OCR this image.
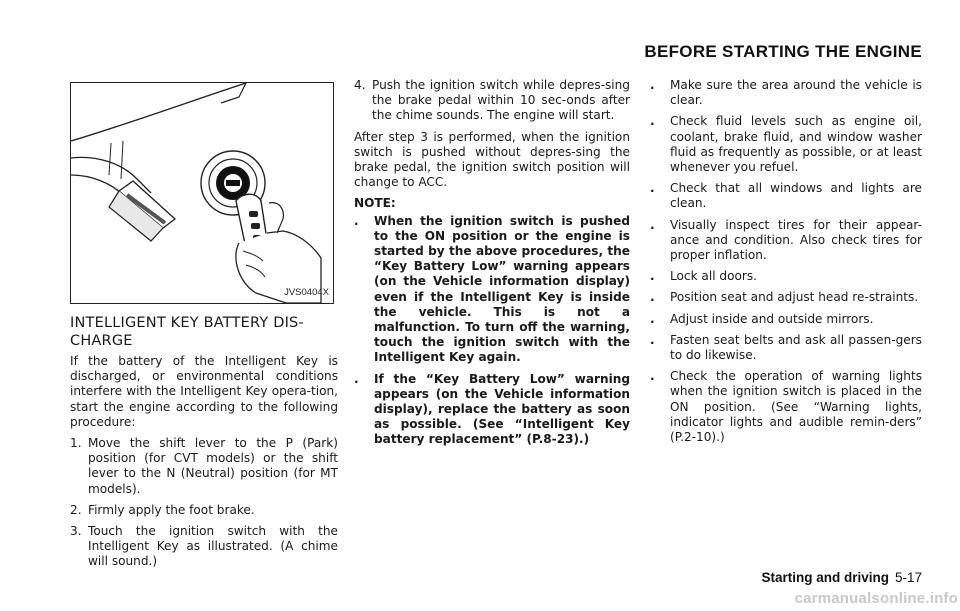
BEFORE STARTING THE ENGINE
JVS0404X
INTELLIGENT KEY BATTERY DIS-CHARGE

If the battery of the Intelligent Key is discharged, or environmental conditions interfere with the Intelligent Key opera-tion, start the engine according to the following procedure:

1. Move the shift lever to the P (Park) position (for CVT models) or the shift lever to the N (Neutral) position (for MT models).
2. Firmly apply the foot brake.
3. Touch the ignition switch with the Intelligent Key as illustrated. (A chime will sound.)
4. Push the ignition switch while depres-sing the brake pedal within 10 sec-onds after the chime sounds. The engine will start.

After step 3 is performed, when the ignition switch is pushed without depres-sing the brake pedal, the ignition switch position will change to ACC.

NOTE:
.	When the ignition switch is pushed to the ON position or the engine is started by the above procedures, the “Key Battery Low” warning appears (on the Vehicle information display) even if the Intelligent Key is inside the vehicle. This is not a malfunction. To turn off the warning, touch the ignition switch with the Intelligent Key again.
.	If the “Key Battery Low” warning appears (on the Vehicle information display), replace the battery as soon as possible. (See “Intelligent Key battery replacement” (P.8-23).)
.	Make sure the area around the vehicle is clear.
.	Check fluid levels such as engine oil, coolant, brake fluid, and window washer fluid as frequently as possible, or at least whenever you refuel.
.	Check that all windows and lights are clean.
.	Visually inspect tires for their appear-ance and condition. Also check tires for proper inflation.
.	Lock all doors.
.	Position seat and adjust head re-straints.
.	Adjust inside and outside mirrors.
.	Fasten seat belts and ask all passen-gers to do likewise.
.	Check the operation of warning lights when the ignition switch is placed in the ON position. (See “Warning lights, indicator lights and audible remin-ders” (P.2-10).)
Starting and driving 5-17
carmanualsonline.info
